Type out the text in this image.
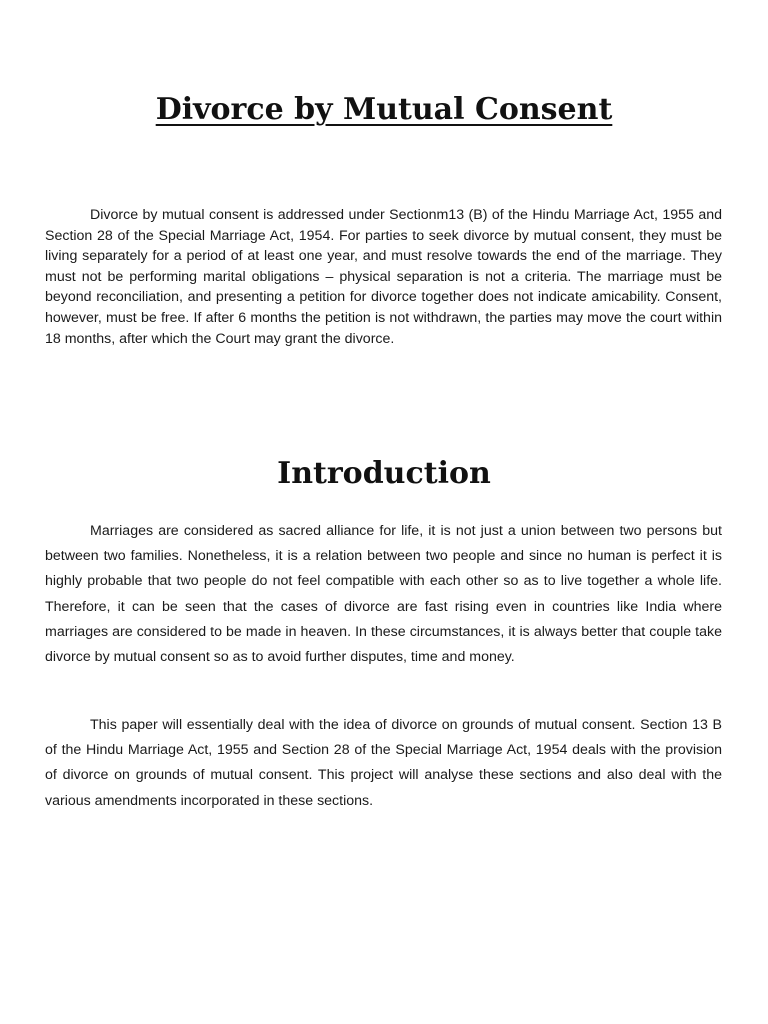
Divorce by Mutual Consent

Divorce by mutual consent is addressed under Sectionm13 (B) of the Hindu Marriage Act, 1955 and Section 28 of the Special Marriage Act, 1954. For parties to seek divorce by mutual consent, they must be living separately for a period of at least one year, and must resolve towards the end of the marriage. They must not be performing marital obligations – physical separation is not a criteria. The marriage must be beyond reconciliation, and presenting a petition for divorce together does not indicate amicability. Consent, however, must be free. If after 6 months the petition is not withdrawn, the parties may move the court within 18 months, after which the Court may grant the divorce.

Introduction

Marriages are considered as sacred alliance for life, it is not just a union between two persons but between two families. Nonetheless, it is a relation between two people and since no human is perfect it is highly probable that two people do not feel compatible with each other so as to live together a whole life. Therefore, it can be seen that the cases of divorce are fast rising even in countries like India where marriages are considered to be made in heaven. In these circumstances, it is always better that couple take divorce by mutual consent so as to avoid further disputes, time and money.

This paper will essentially deal with the idea of divorce on grounds of mutual consent. Section 13 B of the Hindu Marriage Act, 1955 and Section 28 of the Special Marriage Act, 1954 deals with the provision of divorce on grounds of mutual consent. This project will analyse these sections and also deal with the various amendments incorporated in these sections.
